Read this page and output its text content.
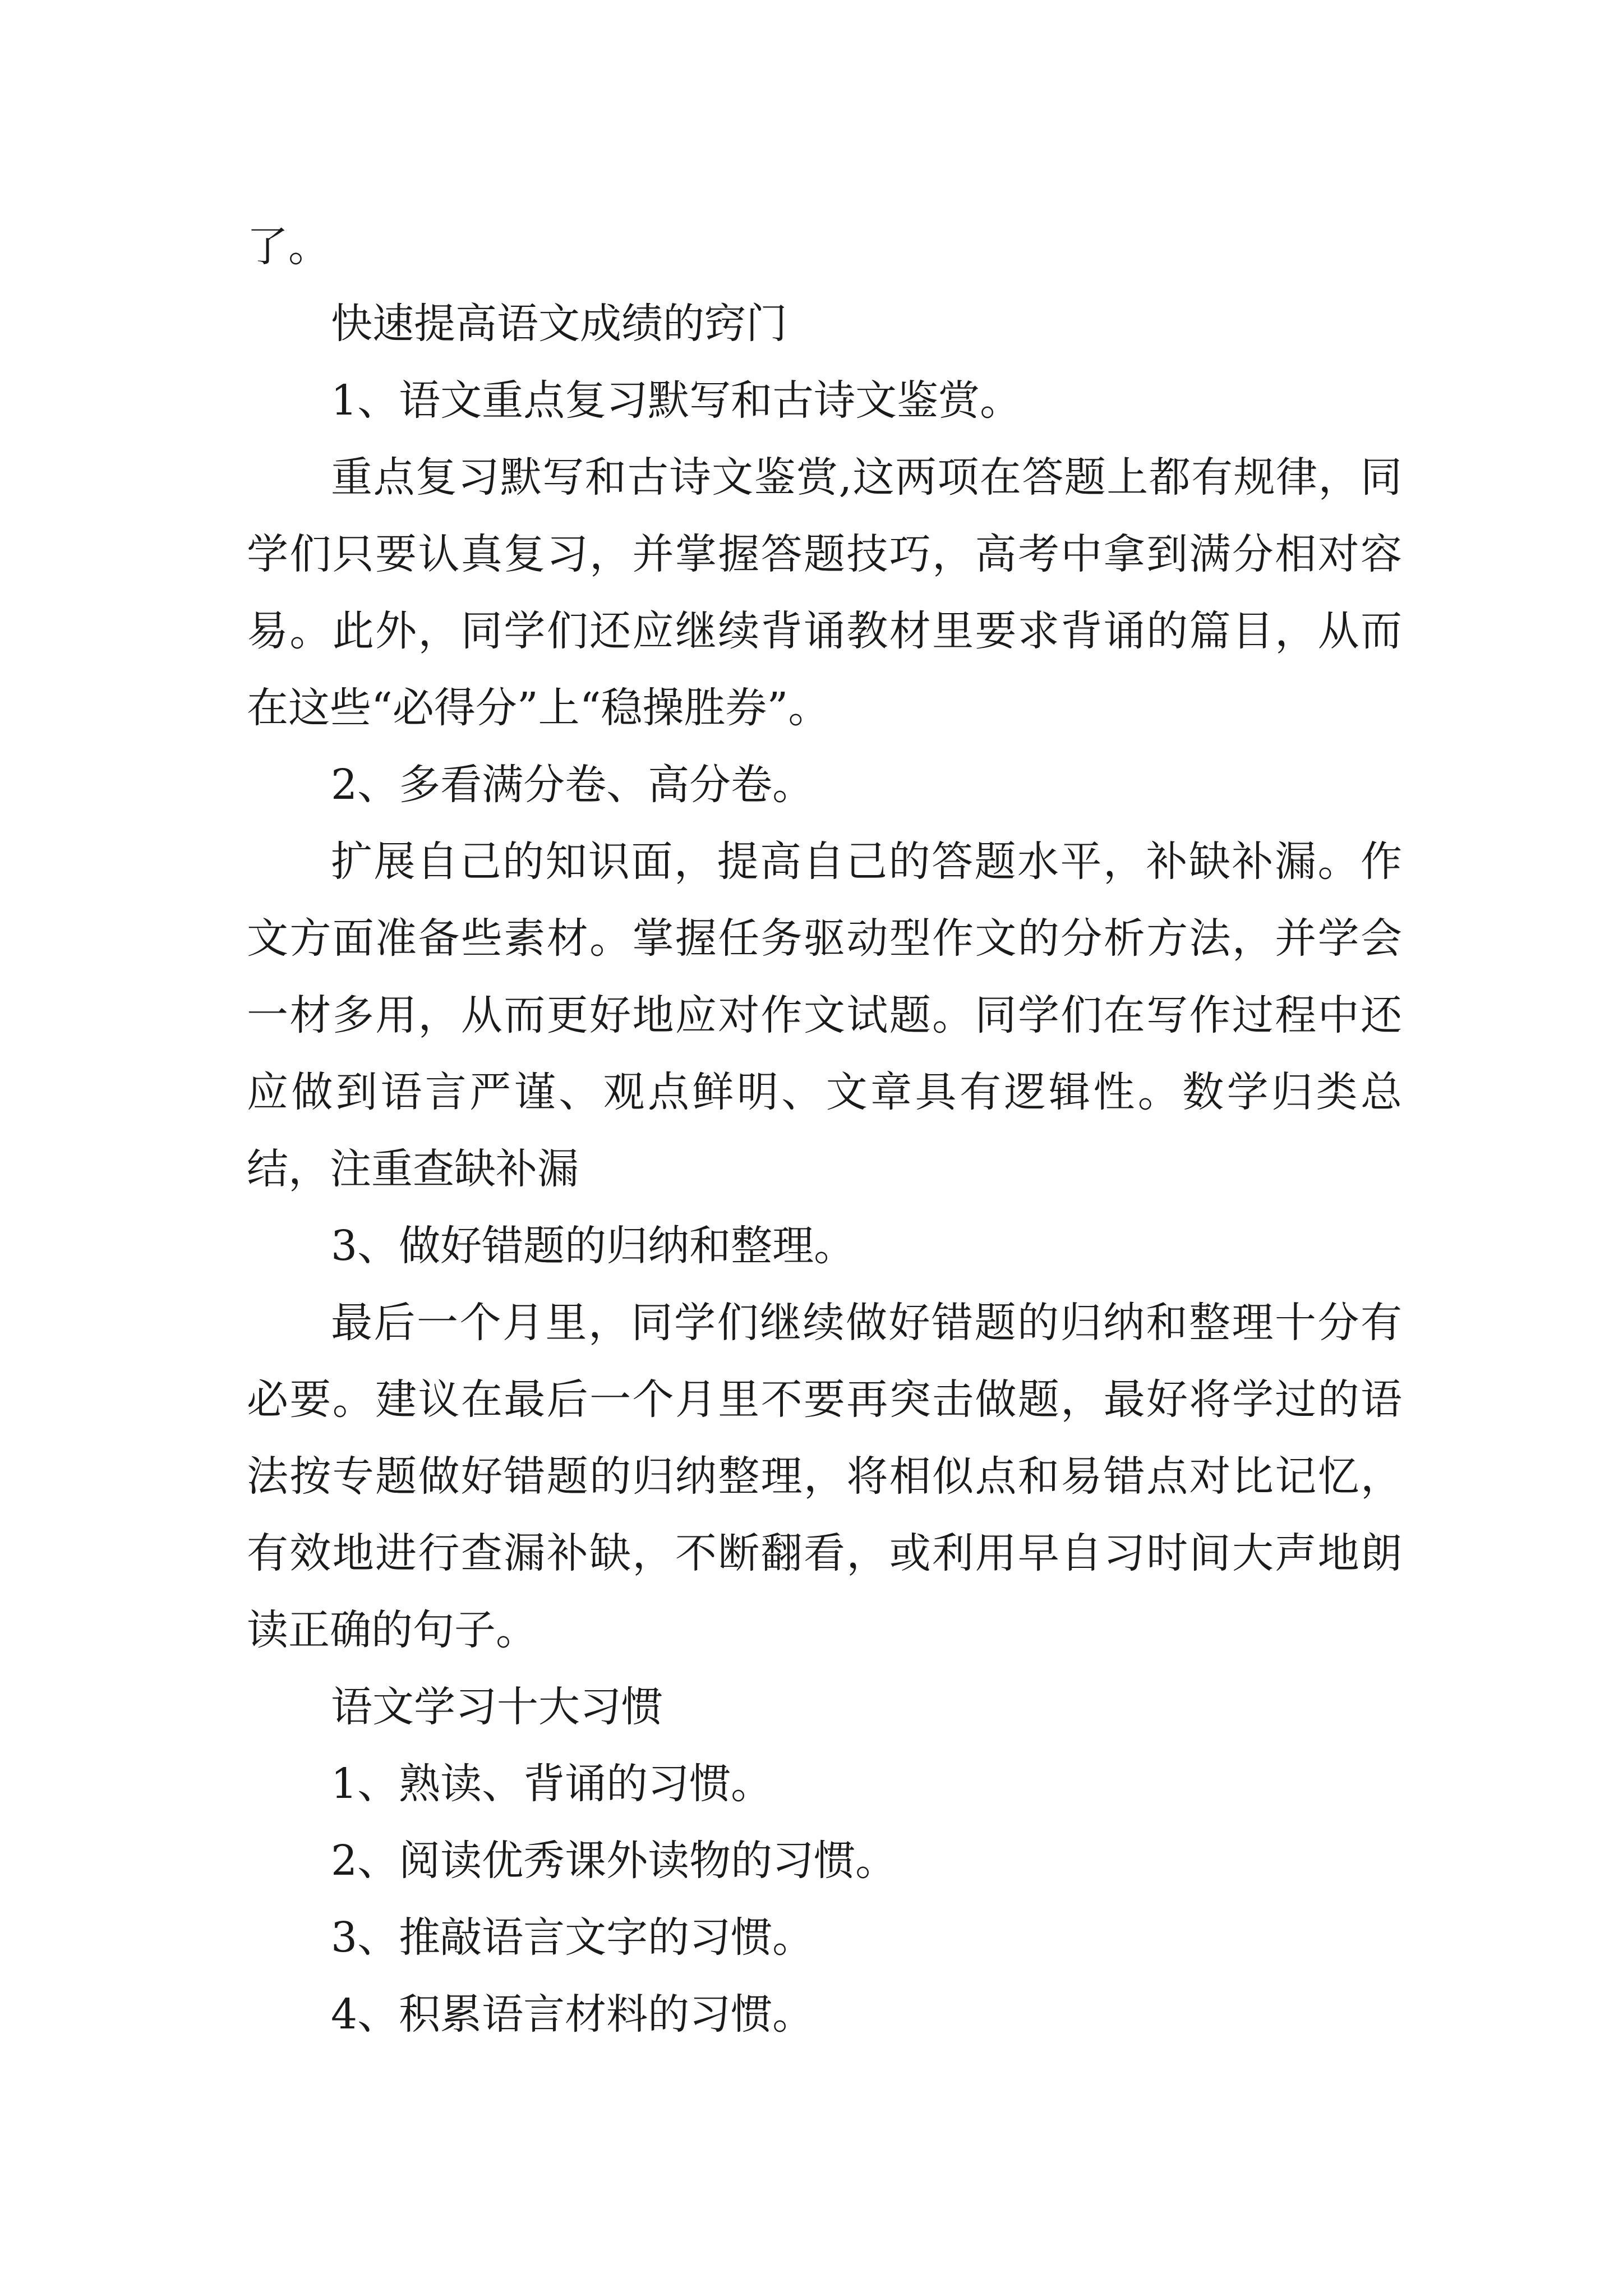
了。

快速提高语文成绩的窍门

1、语文重点复习默写和古诗文鉴赏。

重点复习默写和古诗文鉴赏,这两项在答题上都有规律，同学们只要认真复习，并掌握答题技巧，高考中拿到满分相对容易。此外，同学们还应继续背诵教材里要求背诵的篇目，从而在这些“必得分”上“稳操胜券”。

2、多看满分卷、高分卷。

扩展自己的知识面，提高自己的答题水平，补缺补漏。作文方面准备些素材。掌握任务驱动型作文的分析方法，并学会一材多用，从而更好地应对作文试题。同学们在写作过程中还应做到语言严谨、观点鲜明、文章具有逻辑性。数学归类总结，注重查缺补漏

3、做好错题的归纳和整理。

最后一个月里，同学们继续做好错题的归纳和整理十分有必要。建议在最后一个月里不要再突击做题，最好将学过的语法按专题做好错题的归纳整理，将相似点和易错点对比记忆，有效地进行查漏补缺，不断翻看，或利用早自习时间大声地朗读正确的句子。

语文学习十大习惯

1、熟读、背诵的习惯。

2、阅读优秀课外读物的习惯。

3、推敲语言文字的习惯。

4、积累语言材料的习惯。
